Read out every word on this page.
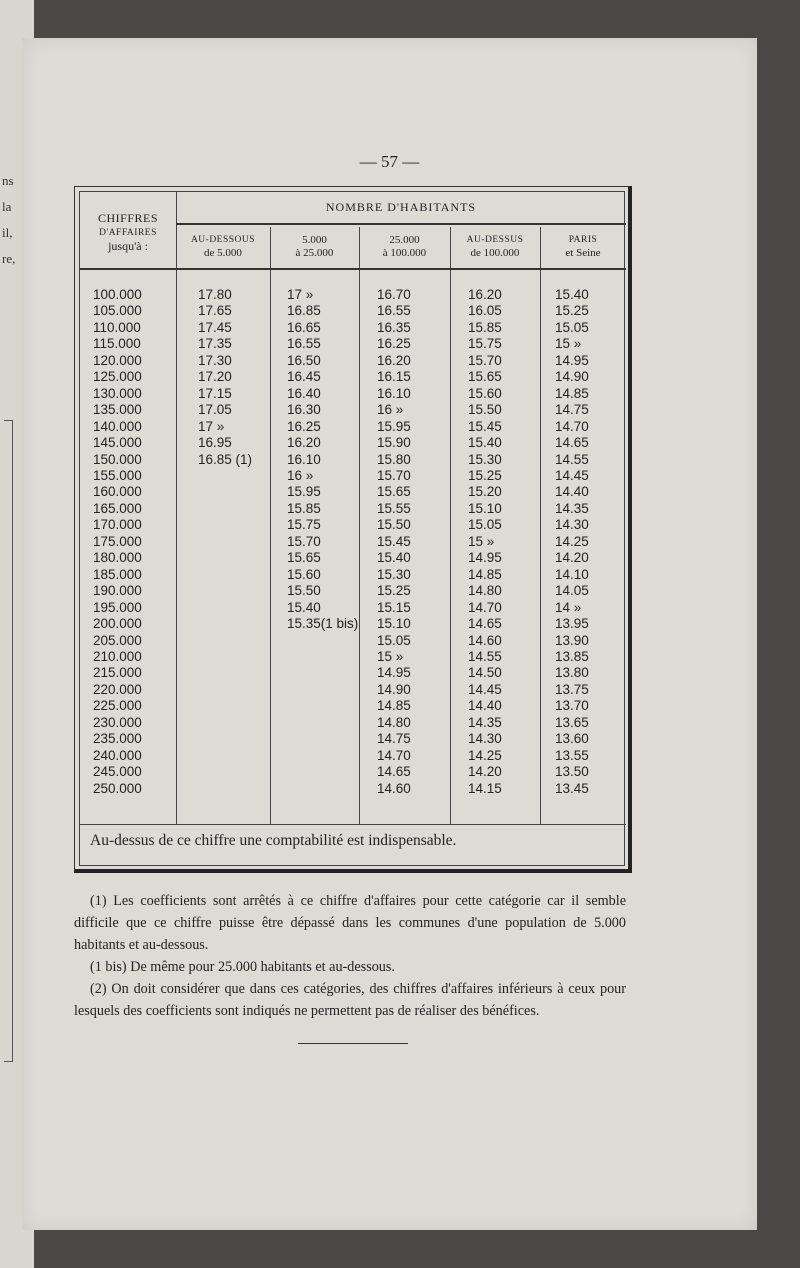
ns
la
il,
re,
— 57 —
CHIFFRES
D'AFFAIRES
jusqu'à :
NOMBRE D'HABITANTS
AU-DESSOUS
de 5.000
5.000
à 25.000
25.000
à 100.000
AU-DESSUS
de 100.000
PARIS
et Seine
100.000
105.000
110.000
115.000
120.000
125.000
130.000
135.000
140.000
145.000
150.000
155.000
160.000
165.000
170.000
175.000
180.000
185.000
190.000
195.000
200.000
205.000
210.000
215.000
220.000
225.000
230.000
235.000
240.000
245.000
250.000
17.80
17.65
17.45
17.35
17.30
17.20
17.15
17.05
17 »
16.95
16.85 (1)
17 »
16.85
16.65
16.55
16.50
16.45
16.40
16.30
16.25
16.20
16.10
16 »
15.95
15.85
15.75
15.70
15.65
15.60
15.50
15.40
15.35(1 bis)
16.70
16.55
16.35
16.25
16.20
16.15
16.10
16 »
15.95
15.90
15.80
15.70
15.65
15.55
15.50
15.45
15.40
15.30
15.25
15.15
15.10
15.05
15 »
14.95
14.90
14.85
14.80
14.75
14.70
14.65
14.60
16.20
16.05
15.85
15.75
15.70
15.65
15.60
15.50
15.45
15.40
15.30
15.25
15.20
15.10
15.05
15 »
14.95
14.85
14.80
14.70
14.65
14.60
14.55
14.50
14.45
14.40
14.35
14.30
14.25
14.20
14.15
15.40
15.25
15.05
15 »
14.95
14.90
14.85
14.75
14.70
14.65
14.55
14.45
14.40
14.35
14.30
14.25
14.20
14.10
14.05
14 »
13.95
13.90
13.85
13.80
13.75
13.70
13.65
13.60
13.55
13.50
13.45
Au-dessus de ce chiffre une comptabilité est indispensable.

(1) Les coefficients sont arrêtés à ce chiffre d'affaires pour cette catégorie car il semble difficile que ce chiffre puisse être dépassé dans les communes d'une population de 5.000 habitants et au-dessous.

(1 bis) De même pour 25.000 habitants et au-dessous.

(2) On doit considérer que dans ces catégories, des chiffres d'affaires inférieurs à ceux pour lesquels des coefficients sont indiqués ne permettent pas de réaliser des bénéfices.
